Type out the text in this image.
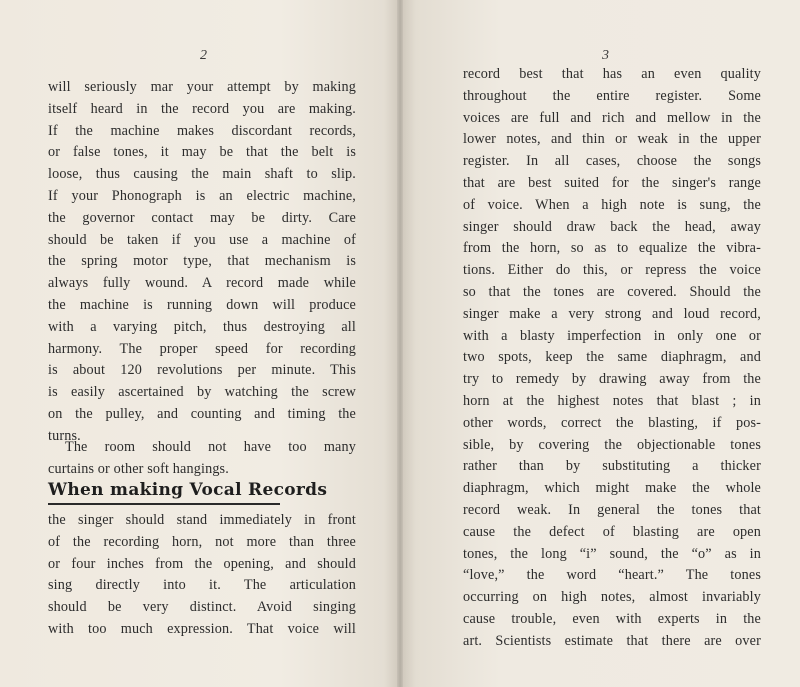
2
will seriously mar your attempt by making
itself heard in the record you are making.
If the machine makes discordant records,
or false tones, it may be that the belt is
loose, thus causing the main shaft to slip.
If your Phonograph is an electric machine,
the governor contact may be dirty. Care
should be taken if you use a machine of
the spring motor type, that mechanism is
always fully wound. A record made while
the machine is running down will produce
with a varying pitch, thus destroying all
harmony. The proper speed for recording
is about 120 revolutions per minute. This
is easily ascertained by watching the screw
on the pulley, and counting and timing the
turns.
The room should not have too many
curtains or other soft hangings.
When making Vocal Records
the singer should stand immediately in front
of the recording horn, not more than three
or four inches from the opening, and should
sing directly into it. The articulation
should be very distinct. Avoid singing
with too much expression. That voice will
3
record best that has an even quality
throughout the entire register. Some
voices are full and rich and mellow in the
lower notes, and thin or weak in the upper
register. In all cases, choose the songs
that are best suited for the singer's range
of voice. When a high note is sung, the
singer should draw back the head, away
from the horn, so as to equalize the vibra-
tions. Either do this, or repress the voice
so that the tones are covered. Should the
singer make a very strong and loud record,
with a blasty imperfection in only one or
two spots, keep the same diaphragm, and
try to remedy by drawing away from the
horn at the highest notes that blast ; in
other words, correct the blasting, if pos-
sible, by covering the objectionable tones
rather than by substituting a thicker
diaphragm, which might make the whole
record weak. In general the tones that
cause the defect of blasting are open
tones, the long “i” sound, the “o” as in
“love,” the word “heart.” The tones
occurring on high notes, almost invariably
cause trouble, even with experts in the
art. Scientists estimate that there are over
